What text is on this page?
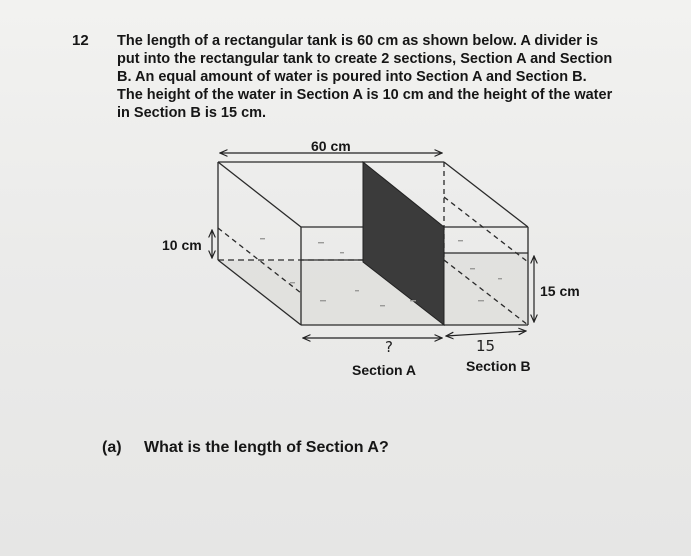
12 The length of a rectangular tank is 60 cm as shown below. A divider is
put into the rectangular tank to create 2 sections, Section A and Section
B. An equal amount of water is poured into Section A and Section B.
The height of the water in Section A is 10 cm and the height of the water
in Section B is 15 cm.
60 cm
10 cm
15 cm
?	15
Section A	Section B
(a) What is the length of Section A?
